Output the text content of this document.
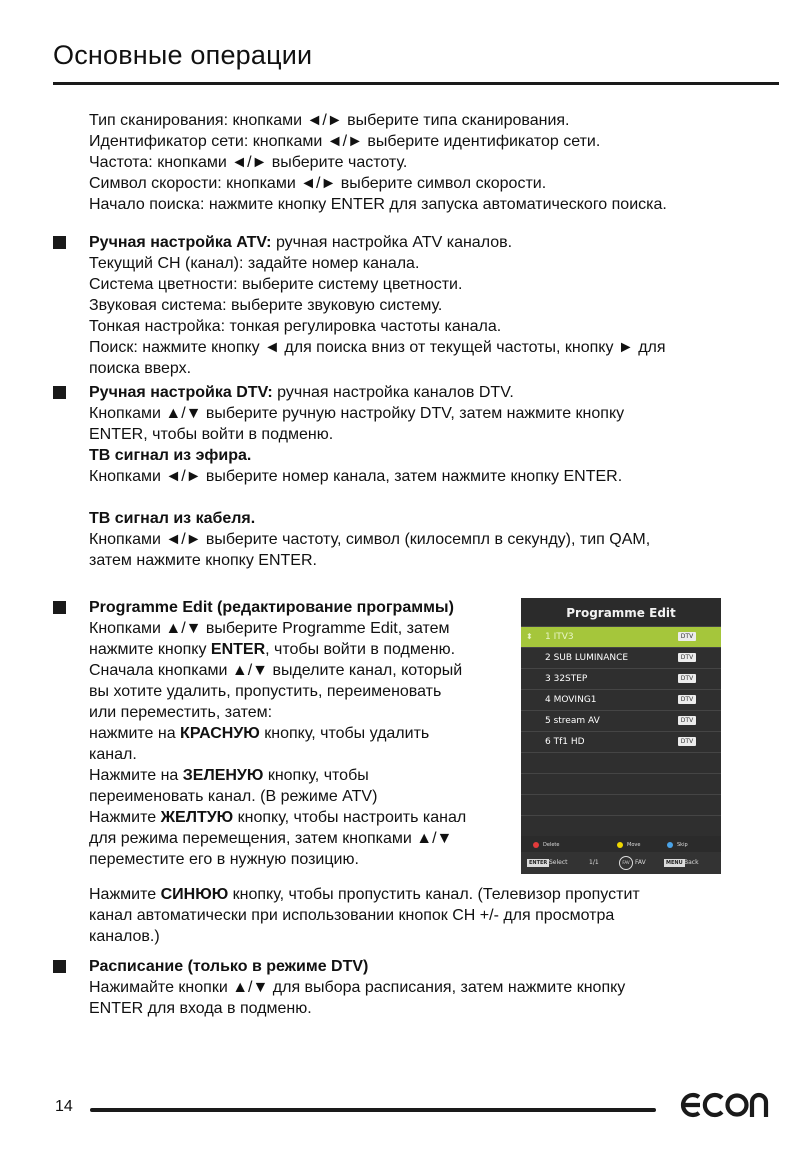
Основные операции

Тип сканирования: кнопками ◄/► выберите типа сканирования.

Идентификатор сети: кнопками ◄/► выберите идентификатор сети.

Частота: кнопками ◄/► выберите частоту.

Символ скорости: кнопками ◄/► выберите символ скорости.

Начало поиска: нажмите кнопку ENTER для запуска автоматического поиска.

Ручная настройка ATV: ручная настройка ATV каналов.

Текущий CH (канал): задайте номер канала.

Система цветности: выберите систему цветности.

Звуковая система: выберите звуковую систему.

Тонкая настройка: тонкая регулировка частоты канала.

Поиск: нажмите кнопку ◄ для поиска вниз от текущей частоты, кнопку ► для

поиска вверх.

Ручная настройка DTV: ручная настройка каналов DTV.

Кнопками ▲/▼ выберите ручную настройку DTV, затем нажмите кнопку

ENTER, чтобы войти в подменю.

ТВ сигнал из эфира.

Кнопками ◄/► выберите номер канала, затем нажмите кнопку ENTER.

ТВ сигнал из кабеля.

Кнопками ◄/► выберите частоту, символ (килосемпл в секунду), тип QAM,

затем нажмите кнопку ENTER.

Programme Edit (редактирование программы)

Кнопками ▲/▼ выберите Programme Edit, затем

нажмите кнопку ENTER, чтобы войти в подменю.

Сначала кнопками ▲/▼ выделите канал, который

вы хотите удалить, пропустить, переименовать

или переместить, затем:

нажмите на КРАСНУЮ кнопку, чтобы удалить

канал.

Нажмите на ЗЕЛЕНУЮ кнопку, чтобы

переименовать канал. (В режиме ATV)

Нажмите ЖЕЛТУЮ кнопку, чтобы настроить канал

для режима перемещения, затем кнопками ▲/▼

переместите его в нужную позицию.

Нажмите СИНЮЮ кнопку, чтобы пропустить канал. (Телевизор пропустит

канал автоматически при использовании кнопок CH +/- для просмотра

каналов.)

Programme Edit
⬍ 1 ITV3	DTV
2 SUB LUMINANCE	DTV
3 32STEP	DTV
4 MOVING1	DTV
5 stream AV	DTV
6 Tf1 HD	DTV
Delete	Move	Skip
ENTER Select	1/1	FAV FAV	MENU Back

Расписание (только в режиме DTV)

Нажимайте кнопки ▲/▼ для выбора расписания, затем нажмите кнопку

ENTER для входа в подменю.

14
